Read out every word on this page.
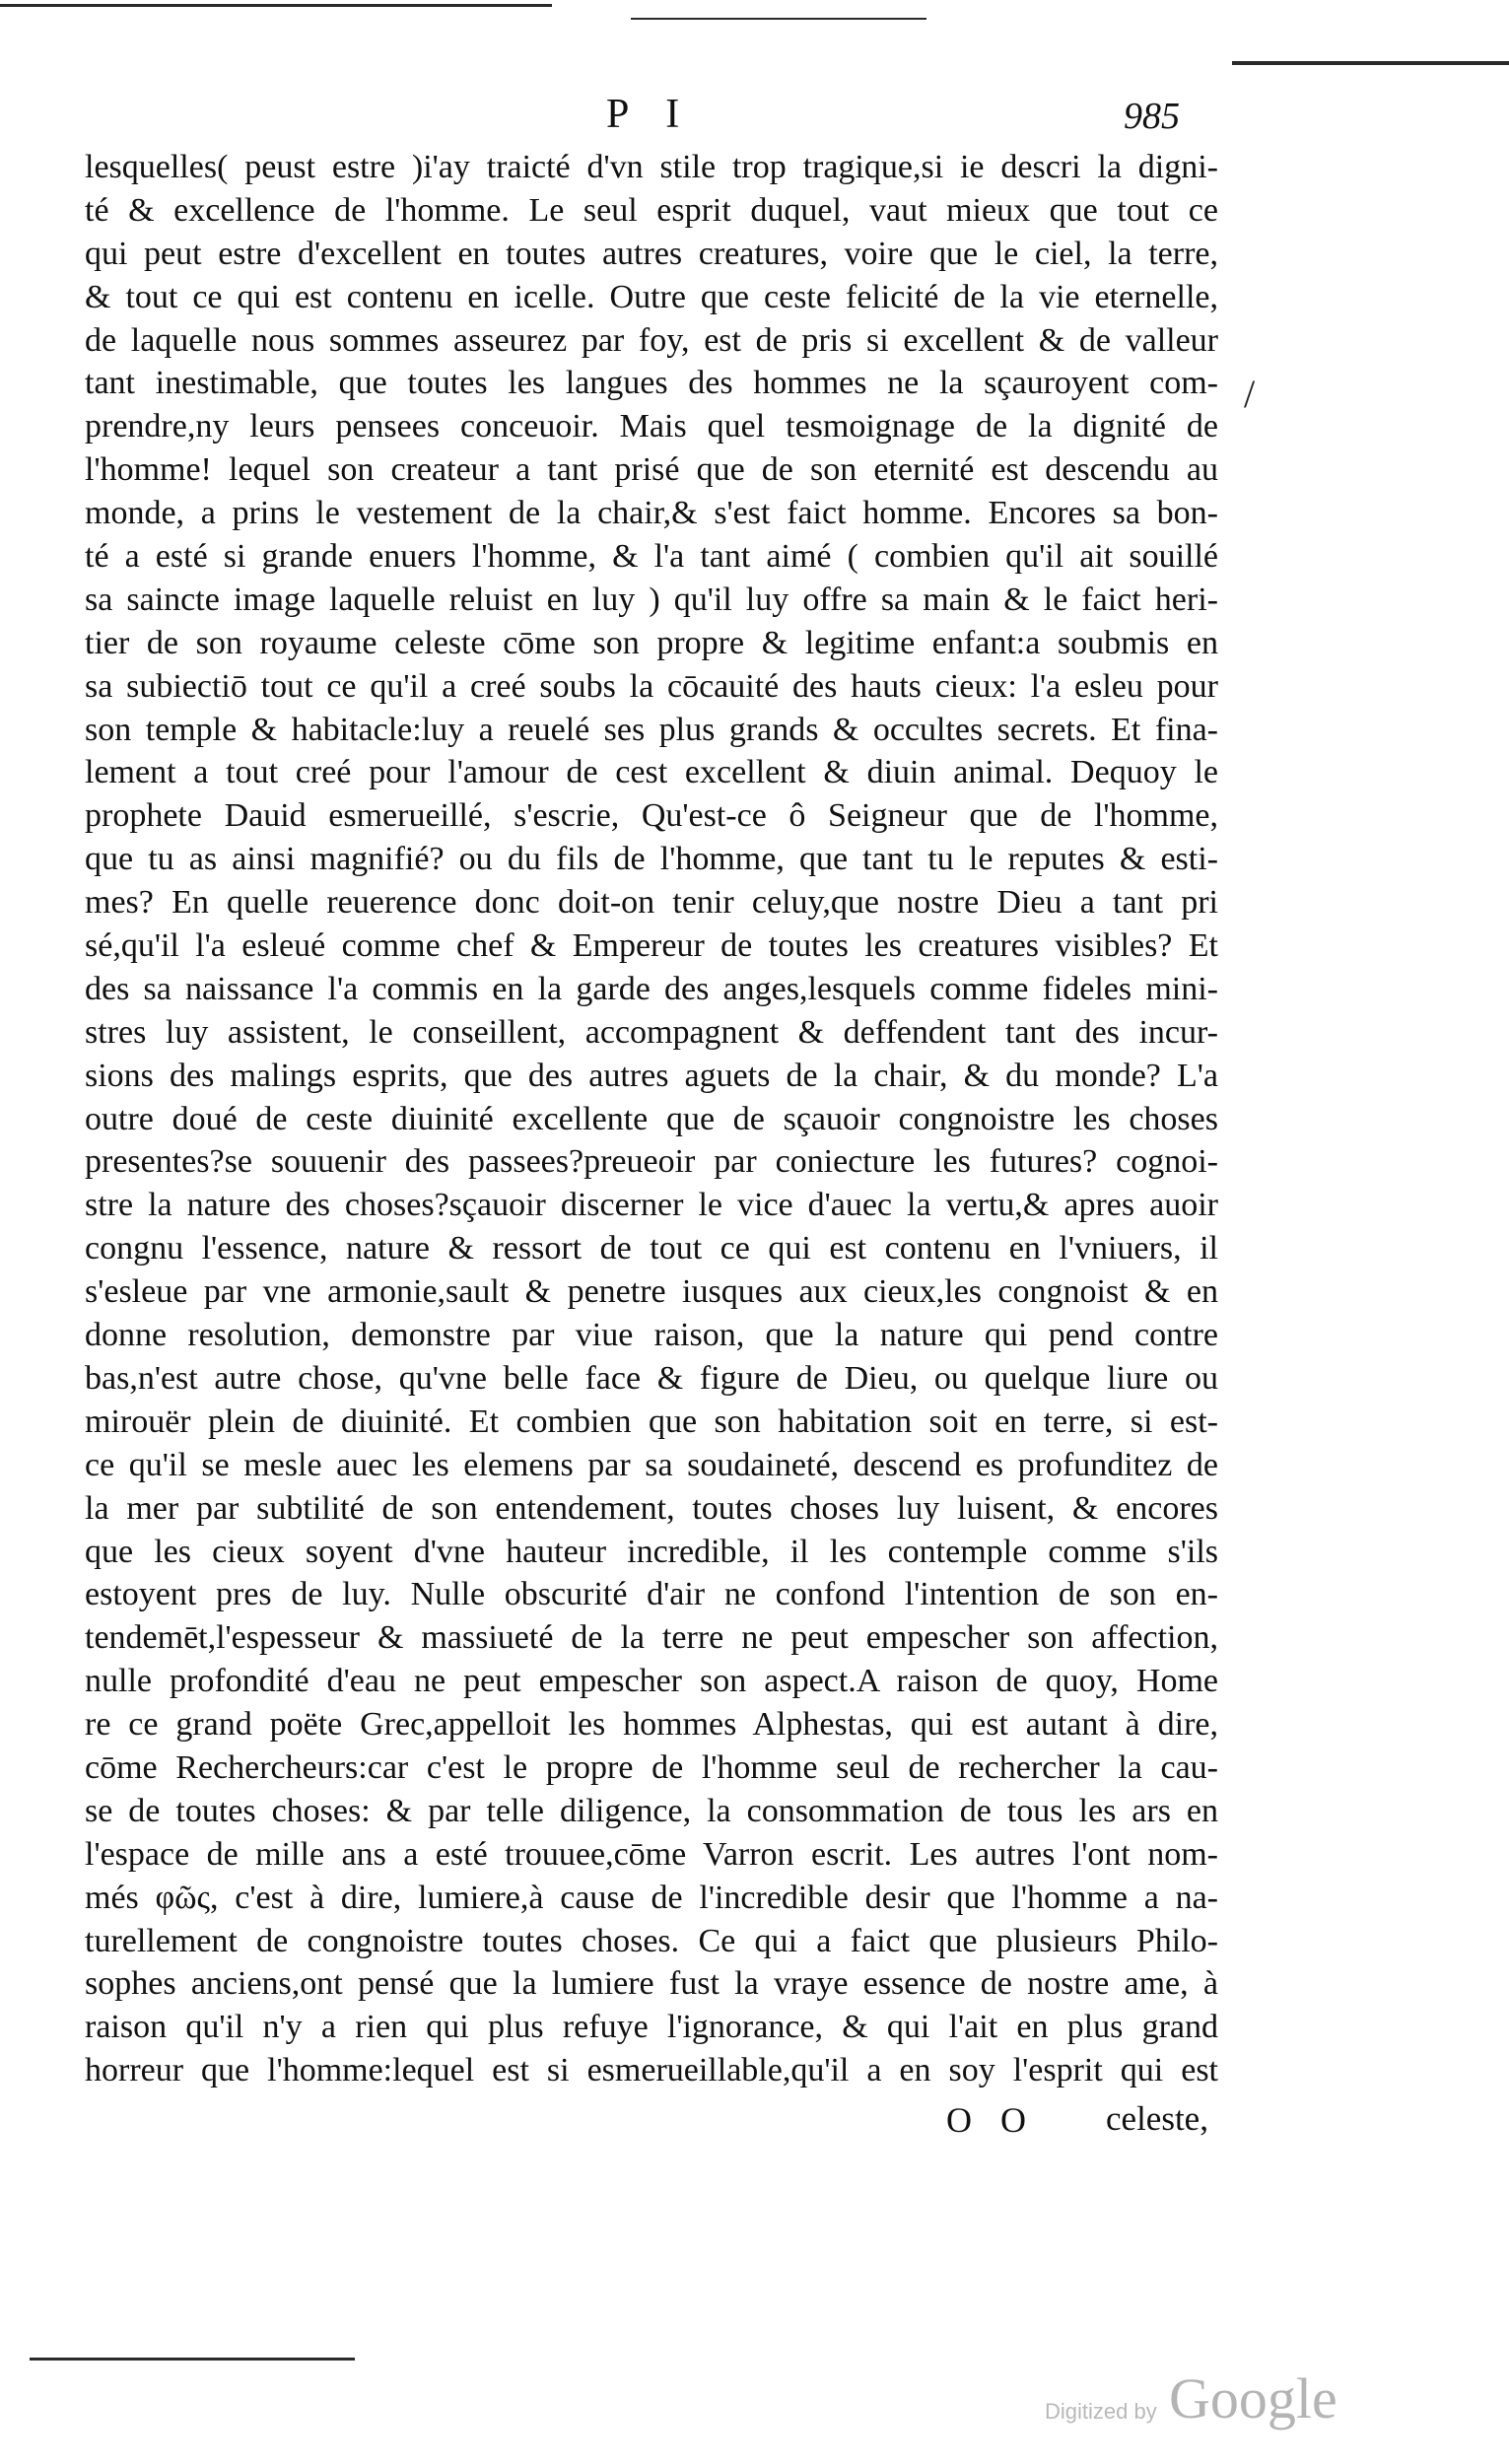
P I	985
lesquelles( peust estre )i'ay traicté d'vn stile trop tragique,si ie descri la digni-
té & excellence de l'homme. Le seul esprit duquel, vaut mieux que tout ce
qui peut estre d'excellent en toutes autres creatures, voire que le ciel, la terre,
& tout ce qui est contenu en icelle. Outre que ceste felicité de la vie eternelle,
de laquelle nous sommes asseurez par foy, est de pris si excellent & de valleur
tant inestimable, que toutes les langues des hommes ne la sçauroyent com-
prendre,ny leurs pensees conceuoir. Mais quel tesmoignage de la dignité de
l'homme! lequel son createur a tant prisé que de son eternité est descendu au
monde, a prins le vestement de la chair,& s'est faict homme. Encores sa bon-
té a esté si grande enuers l'homme, & l'a tant aimé ( combien qu'il ait souillé
sa saincte image laquelle reluist en luy ) qu'il luy offre sa main & le faict heri-
tier de son royaume celeste cōme son propre & legitime enfant:a soubmis en
sa subiectiō tout ce qu'il a creé soubs la cōcauité des hauts cieux: l'a esleu pour
son temple & habitacle:luy a reuelé ses plus grands & occultes secrets. Et fina-
lement a tout creé pour l'amour de cest excellent & diuin animal. Dequoy le
prophete Dauid esmerueillé, s'escrie, Qu'est-ce ô Seigneur que de l'homme,
que tu as ainsi magnifié? ou du fils de l'homme, que tant tu le reputes & esti-
mes? En quelle reuerence donc doit-on tenir celuy,que nostre Dieu a tant pri
sé,qu'il l'a esleué comme chef & Empereur de toutes les creatures visibles? Et
des sa naissance l'a commis en la garde des anges,lesquels comme fideles mini-
stres luy assistent, le conseillent, accompagnent & deffendent tant des incur-
sions des malings esprits, que des autres aguets de la chair, & du monde? L'a
outre doué de ceste diuinité excellente que de sçauoir congnoistre les choses
presentes?se souuenir des passees?preueoir par coniecture les futures? cognoi-
stre la nature des choses?sçauoir discerner le vice d'auec la vertu,& apres auoir
congnu l'essence, nature & ressort de tout ce qui est contenu en l'vniuers, il
s'esleue par vne armonie,sault & penetre iusques aux cieux,les congnoist & en
donne resolution, demonstre par viue raison, que la nature qui pend contre
bas,n'est autre chose, qu'vne belle face & figure de Dieu, ou quelque liure ou
mirouër plein de diuinité. Et combien que son habitation soit en terre, si est-
ce qu'il se mesle auec les elemens par sa soudaineté, descend es profunditez de
la mer par subtilité de son entendement, toutes choses luy luisent, & encores
que les cieux soyent d'vne hauteur incredible, il les contemple comme s'ils
estoyent pres de luy. Nulle obscurité d'air ne confond l'intention de son en-
tendemēt,l'espesseur & massiueté de la terre ne peut empescher son affection,
nulle profondité d'eau ne peut empescher son aspect.A raison de quoy, Home
re ce grand poëte Grec,appelloit les hommes Alphestas, qui est autant à dire,
cōme Rechercheurs:car c'est le propre de l'homme seul de rechercher la cau-
se de toutes choses: & par telle diligence, la consommation de tous les ars en
l'espace de mille ans a esté trouuee,cōme Varron escrit. Les autres l'ont nom-
més φῶς, c'est à dire, lumiere,à cause de l'incredible desir que l'homme a na-
turellement de congnoistre toutes choses. Ce qui a faict que plusieurs Philo-
sophes anciens,ont pensé que la lumiere fust la vraye essence de nostre ame, à
raison qu'il n'y a rien qui plus refuye l'ignorance, & qui l'ait en plus grand
horreur que l'homme:lequel est si esmerueillable,qu'il a en soy l'esprit qui est
/
O O celeste,
Digitized by Google
